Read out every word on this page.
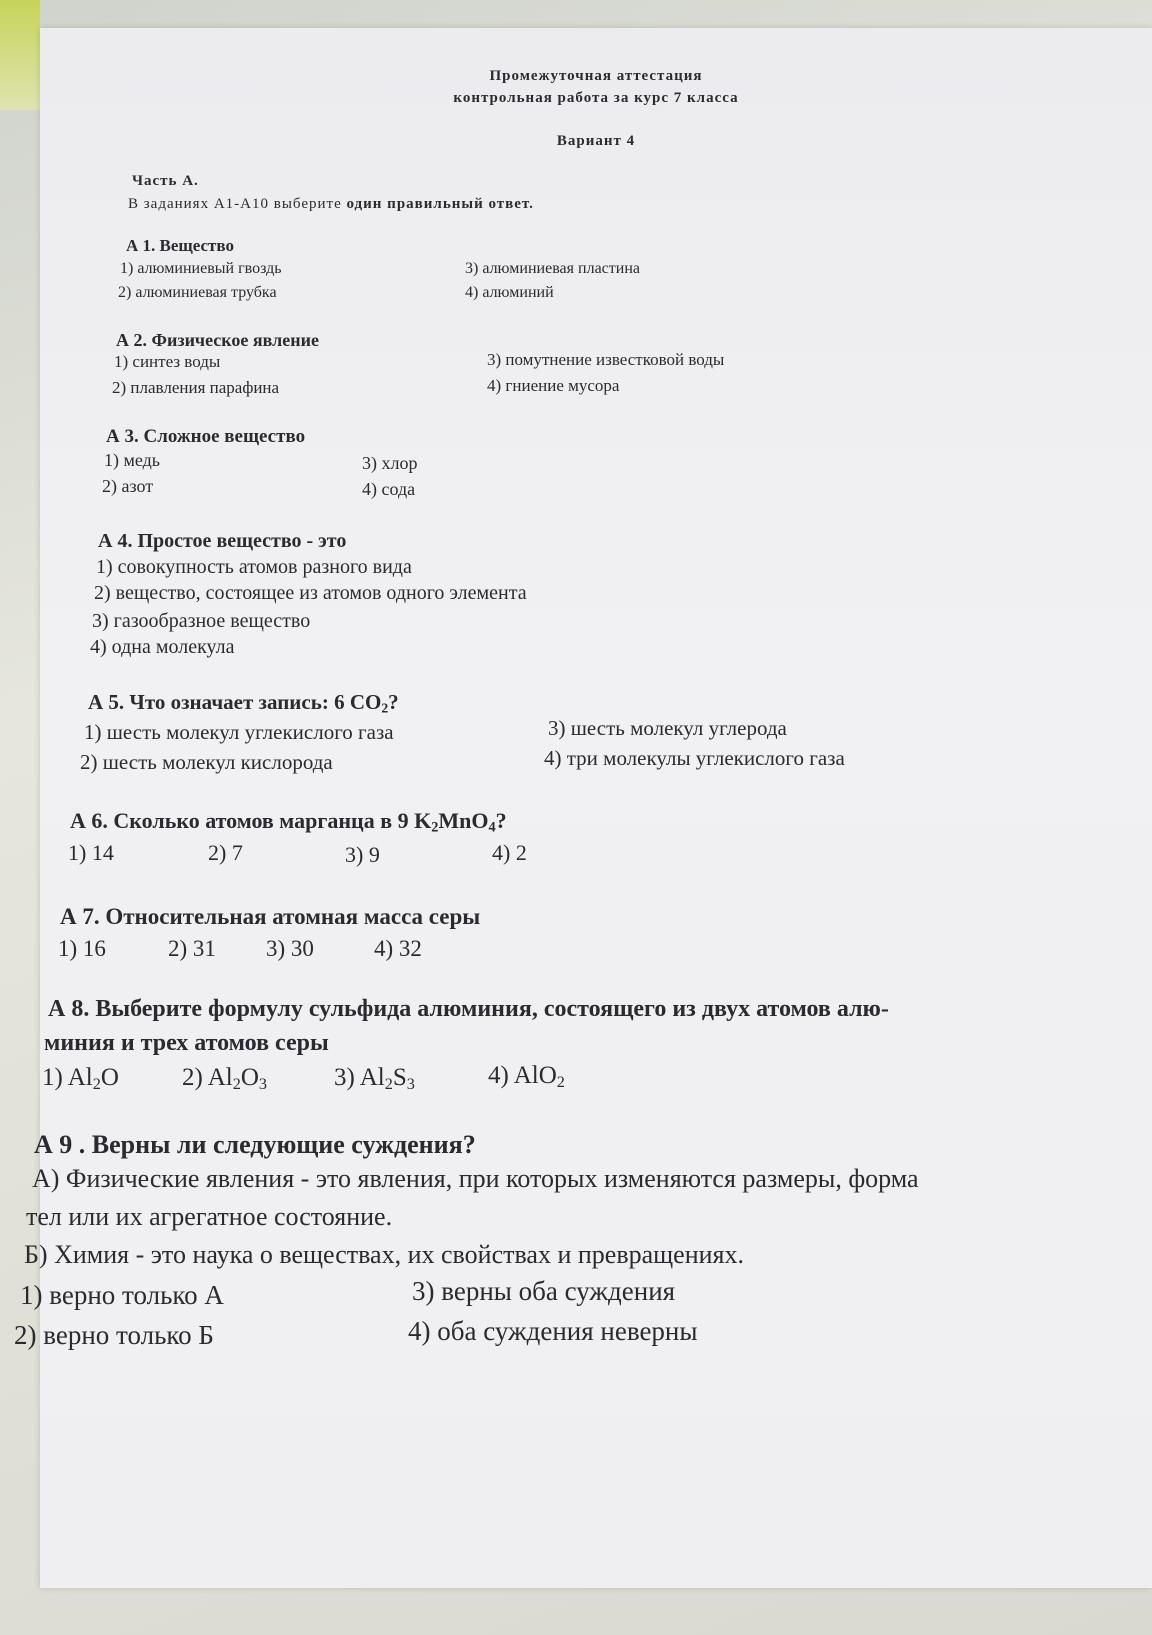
Промежуточная аттестация
контрольная работа за курс 7 класса
Вариант 4
Часть А.
В заданиях А1-А10 выберите один правильный ответ.
А 1. Вещество
1) алюминиевый гвоздь
2) алюминиевая трубка
3) алюминиевая пластина
4) алюминий
А 2. Физическое явление
1) синтез воды
2) плавления парафина
3) помутнение известковой воды
4) гниение мусора
А 3. Сложное вещество
1) медь
2) азот
3) хлор
4) сода
А 4. Простое вещество - это
1) совокупность атомов разного вида
2) вещество, состоящее из атомов одного элемента
3) газообразное вещество
4) одна молекула
А 5. Что означает запись: 6 $CO_2$?
1) шесть молекул углекислого газа
2) шесть молекул кислорода
3) шесть молекул углерода
4) три молекулы углекислого газа
А 6. Сколько атомов марганца в 9 $K_2MnO_4$?
1) 14	2) 7	3) 9	4) 2
А 7. Относительная атомная масса серы
1) 16	2) 31 3) 30	4) 32
А 8. Выберите формулу сульфида алюминия, состоящего из двух атомов алю-
миния и трех атомов серы
1) $Al_2O$	2) $Al_2O_3$	3) $Al_2S_3$	4) AlO$_2$
А 9 . Верны ли следующие суждения?
А) Физические явления - это явления, при которых изменяются размеры, форма
тел или их агрегатное состояние.
Б) Химия - это наука о веществах, их свойствах и превращениях.
1) верно только А
2) верно только Б
3) верны оба суждения
4) оба суждения неверны
